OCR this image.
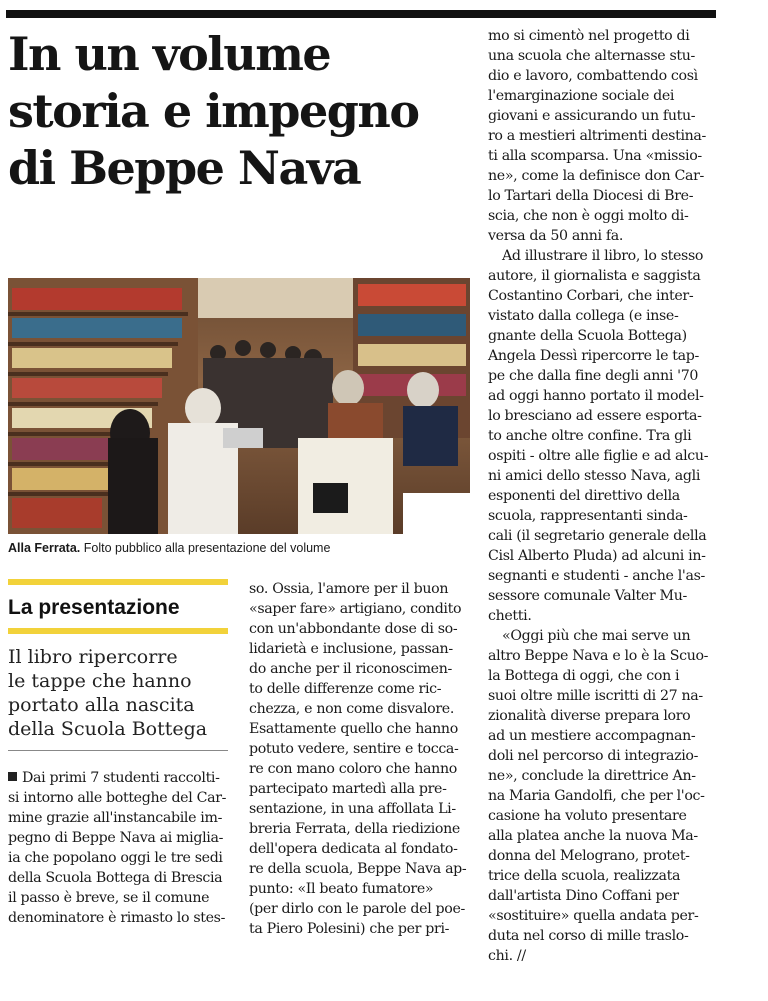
In un volume
storia e impegno
di Beppe Nava

Alla Ferrata. Folto pubblico alla presentazione del volume

La presentazione

Il libro ripercorre
le tappe che hanno
portato alla nascita
della Scuola Bottega

Dai primi 7 studenti raccolti-
si intorno alle botteghe del Car-
mine grazie all'instancabile im-
pegno di Beppe Nava ai miglia-
ia che popolano oggi le tre sedi
della Scuola Bottega di Brescia
il passo è breve, se il comune
denominatore è rimasto lo stes-
so. Ossia, l'amore per il buon
«saper fare» artigiano, condito
con un'abbondante dose di so-
lidarietà e inclusione, passan-
do anche per il riconoscimen-
to delle differenze come ric-
chezza, e non come disvalore.
Esattamente quello che hanno
potuto vedere, sentire e tocca-
re con mano coloro che hanno
partecipato martedì alla pre-
sentazione, in una affollata Li-
breria Ferrata, della riedizione
dell'opera dedicata al fondato-
re della scuola, Beppe Nava ap-
punto: «Il beato fumatore»
(per dirlo con le parole del poe-
ta Piero Polesini) che per pri-
mo si cimentò nel progetto di
una scuola che alternasse stu-
dio e lavoro, combattendo così
l'emarginazione sociale dei
giovani e assicurando un futu-
ro a mestieri altrimenti destina-
ti alla scomparsa. Una «missio-
ne», come la definisce don Car-
lo Tartari della Diocesi di Bre-
scia, che non è oggi molto di-
versa da 50 anni fa.
Ad illustrare il libro, lo stesso
autore, il giornalista e saggista
Costantino Corbari, che inter-
vistato dalla collega (e inse-
gnante della Scuola Bottega)
Angela Dessì ripercorre le tap-
pe che dalla fine degli anni '70
ad oggi hanno portato il model-
lo bresciano ad essere esporta-
to anche oltre confine. Tra gli
ospiti - oltre alle figlie e ad alcu-
ni amici dello stesso Nava, agli
esponenti del direttivo della
scuola, rappresentanti sinda-
cali (il segretario generale della
Cisl Alberto Pluda) ad alcuni in-
segnanti e studenti - anche l'as-
sessore comunale Valter Mu-
chetti.
«Oggi più che mai serve un
altro Beppe Nava e lo è la Scuo-
la Bottega di oggi, che con i
suoi oltre mille iscritti di 27 na-
zionalità diverse prepara loro
ad un mestiere accompagnan-
doli nel percorso di integrazio-
ne», conclude la direttrice An-
na Maria Gandolfi, che per l'oc-
casione ha voluto presentare
alla platea anche la nuova Ma-
donna del Melograno, protet-
trice della scuola, realizzata
dall'artista Dino Coffani per
«sostituire» quella andata per-
duta nel corso di mille traslo-
chi. //
